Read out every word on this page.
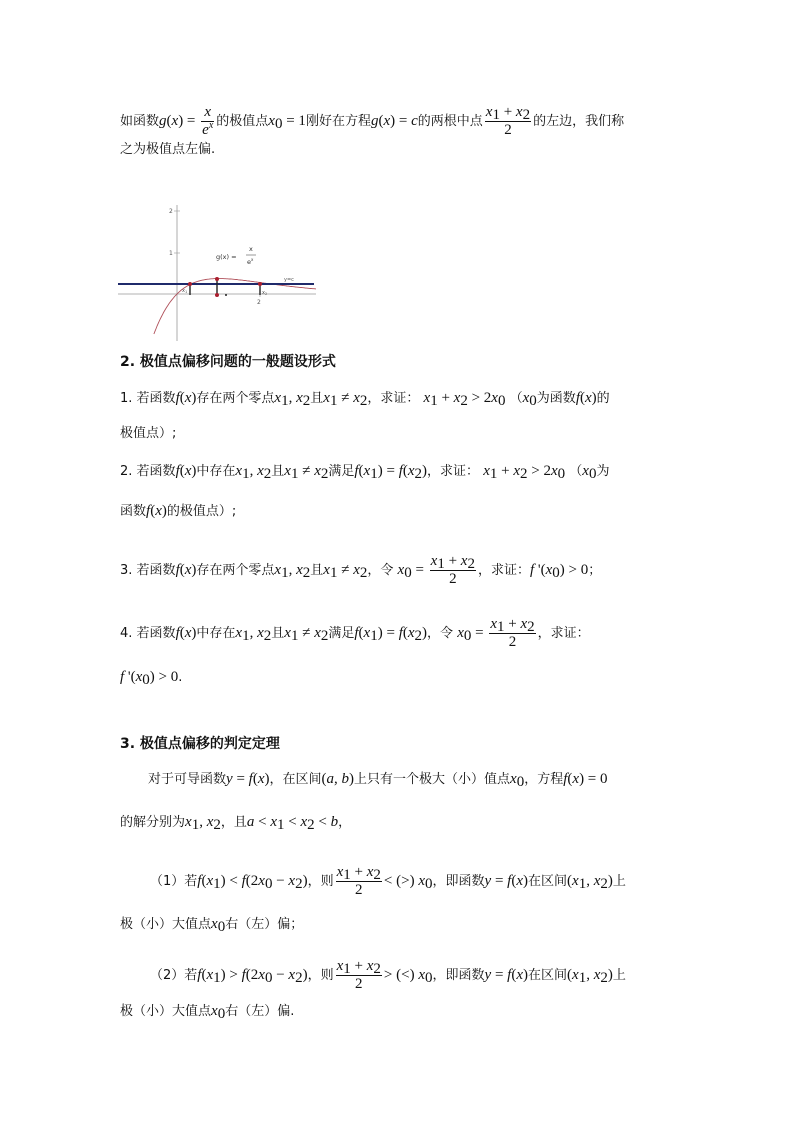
如函数$g(x) = \frac{x}{e^x}$ 的极值点$x_0 = 1$刚好在方程g(x) = c的两根中点 $\frac{x_1 + x_2}{2}$ 的左边，我们称
之为极值点左偏.
2
1
2
y=c
$x_1$	$x_2$
g(x) =
x
$e^x$
2. 极值点偏移问题的一般题设形式
1. 若函数f(x)存在两个零点$x_1$, $x_2$且$x_1 \ne x_2$，求证： $x_1 + x_2 > 2x_0$ （$x_0$为函数f(x)的
极值点）;
2. 若函数f(x)中存在$x_1$, $x_2$且$x_1 \ne x_2$满足$f(x_1) = f(x_2)$，求证： $x_1 + x_2 > 2x_0$ （$x_0$为
函数f(x)的极值点）;
3. 若函数f(x)存在两个零点$x_1$, $x_2$且$x_1 \ne x_2$，令 $x_0 = \frac{x_1 + x_2}{2}$ ，求证：f '$(x_0) > 0$；
4. 若函数f(x)中存在$x_1$, $x_2$且$x_1 \ne x_2$满足$f(x_1) = f(x_2)$，令 $x_0 = \frac{x_1 + x_2}{2}$ ，求证：
f '$(x_0) > 0$.
3. 极值点偏移的判定定理
对于可导函数y = f(x)，在区间(a, b)上只有一个极大（小）值点$x_0$，方程f(x) = 0
的解分别为$x_1$, $x_2$，且$a < x_1 < x_2 < b$，
（1）若$f(x_1) < f(2x_0 - x_2)$，则 $\frac{x_1 + x_2}{2}$ < (>) $x_0$，即函数y = f(x)在区间($x_1$, $x_2$)上
极（小）大值点$x_0$右（左）偏；
（2）若$f(x_1) > f(2x_0 - x_2)$，则 $\frac{x_1 + x_2}{2}$ > (<) $x_0$，即函数y = f(x)在区间($x_1$, $x_2$)上
极（小）大值点$x_0$右（左）偏.
